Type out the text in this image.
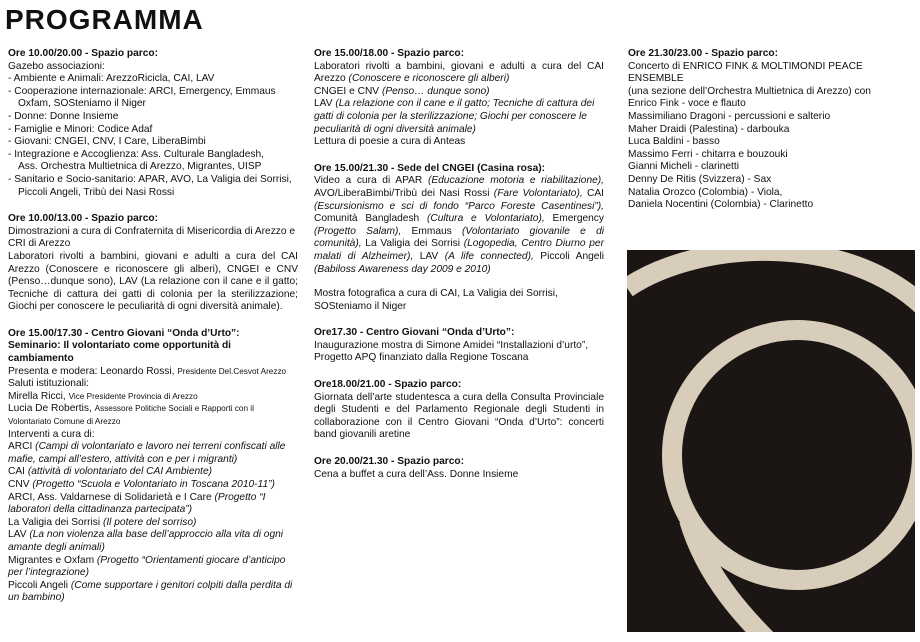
PROGRAMMA
Ore 10.00/20.00 - Spazio parco:
Gazebo associazioni:
- Ambiente e Animali: ArezzoRicicla, CAI, LAV
- Cooperazione internazionale: ARCI, Emergency, Emmaus
Oxfam, SOSteniamo il Niger
- Donne: Donne Insieme
- Famiglie e Minori: Codice Adaf
- Giovani: CNGEI, CNV, I Care, LiberaBimbi
- Integrazione e Accoglienza: Ass. Culturale Bangladesh,
Ass. Orchestra Multietnica di Arezzo, Migrantes, UISP
- Sanitario e Socio-sanitario: APAR, AVO, La Valigia dei Sorrisi,
Piccoli Angeli, Tribù dei Nasi Rossi
Ore 10.00/13.00 - Spazio parco:
Dimostrazioni a cura di Confraternita di Misericordia di Arezzo e CRI di Arezzo
Laboratori rivolti a bambini, giovani e adulti a cura del CAI Arezzo (Conoscere e riconoscere gli alberi), CNGEI e CNV (Penso…dunque sono), LAV (La relazione con il cane e il gatto; Tecniche di cattura dei gatti di colonia per la sterilizzazione; Giochi per conoscere le peculiarità di ogni diversità animale).
Ore 15.00/17.30 - Centro Giovani “Onda d’Urto”:
Seminario: Il volontariato come opportunità di cambiamento
Presenta e modera: Leonardo Rossi, Presidente Del.Cesvot Arezzo
Saluti istituzionali:
Mirella Ricci, Vice Presidente Provincia di Arezzo
Lucia De Robertis, Assessore Politiche Sociali e Rapporti con il Volontariato Comune di Arezzo
Interventi a cura di:
ARCI (Campi di volontariato e lavoro nei terreni confiscati alle mafie, campi all’estero, attività con e per i migranti)
CAI (attività di volontariato del CAI Ambiente)
CNV (Progetto “Scuola e Volontariato in Toscana 2010-11”)
ARCI, Ass. Valdarnese di Solidarietà e I Care (Progetto “I laboratori della cittadinanza partecipata”)
La Valigia dei Sorrisi (Il potere del sorriso)
LAV (La non violenza alla base dell’approccio alla vita di ogni amante degli animali)
Migrantes e Oxfam (Progetto “Orientamenti giocare d’anticipo per l’integrazione)
Piccoli Angeli (Come supportare i genitori colpiti dalla perdita di un bambino)
Ore 15.00/18.00 - Spazio parco:
Laboratori rivolti a bambini, giovani e adulti a cura del CAI Arezzo (Conoscere e riconoscere gli alberi)
CNGEI e CNV (Penso… dunque sono)
LAV (La relazione con il cane e il gatto; Tecniche di cattura dei gatti di colonia per la sterilizzazione; Giochi per conoscere le peculiarità di ogni diversità animale)
Lettura di poesie a cura di Anteas
Ore 15.00/21.30 - Sede del CNGEI (Casina rosa):
Video a cura di APAR (Educazione motoria e riabilitazione), AVO/LiberaBimbi/Tribù dei Nasi Rossi (Fare Volontariato), CAI (Escursionismo e sci di fondo “Parco Foreste Casentinesi”), Comunità Bangladesh (Cultura e Volontariato), Emergency (Progetto Salam), Emmaus (Volontariato giovanile e di comunità), La Valigia dei Sorrisi (Logopedia, Centro Diurno per malati di Alzheimer), LAV (A life connected), Piccoli Angeli (Babiloss Awareness day 2009 e 2010)
Mostra fotografica a cura di CAI, La Valigia dei Sorrisi, SOSteniamo il Niger
Ore17.30 - Centro Giovani “Onda d’Urto”:
Inaugurazione mostra di Simone Amidei “Installazioni d’urto”, Progetto APQ finanziato dalla Regione Toscana
Ore18.00/21.00 - Spazio parco:
Giornata dell’arte studentesca a cura della Consulta Provinciale degli Studenti e del Parlamento Regionale degli Studenti in collaborazione con il Centro Giovani “Onda d’Urto”: concerti band giovanili aretine
Ore 20.00/21.30 - Spazio parco:
Cena a buffet a cura dell’Ass. Donne Insieme
Ore 21.30/23.00 - Spazio parco:
Concerto di ENRICO FINK & MOLTIMONDI PEACE ENSEMBLE
(una sezione dell’Orchestra Multietnica di Arezzo) con
Enrico Fink - voce e flauto
Massimiliano Dragoni - percussioni e salterio
Maher Draidi (Palestina) - darbouka
Luca Baldini - basso
Massimo Ferri - chitarra e bouzouki
Gianni Micheli - clarinetti
Denny De Ritis (Svizzera) - Sax
Natalia Orozco (Colombia) - Viola,
Daniela Nocentini (Colombia) - Clarinetto
